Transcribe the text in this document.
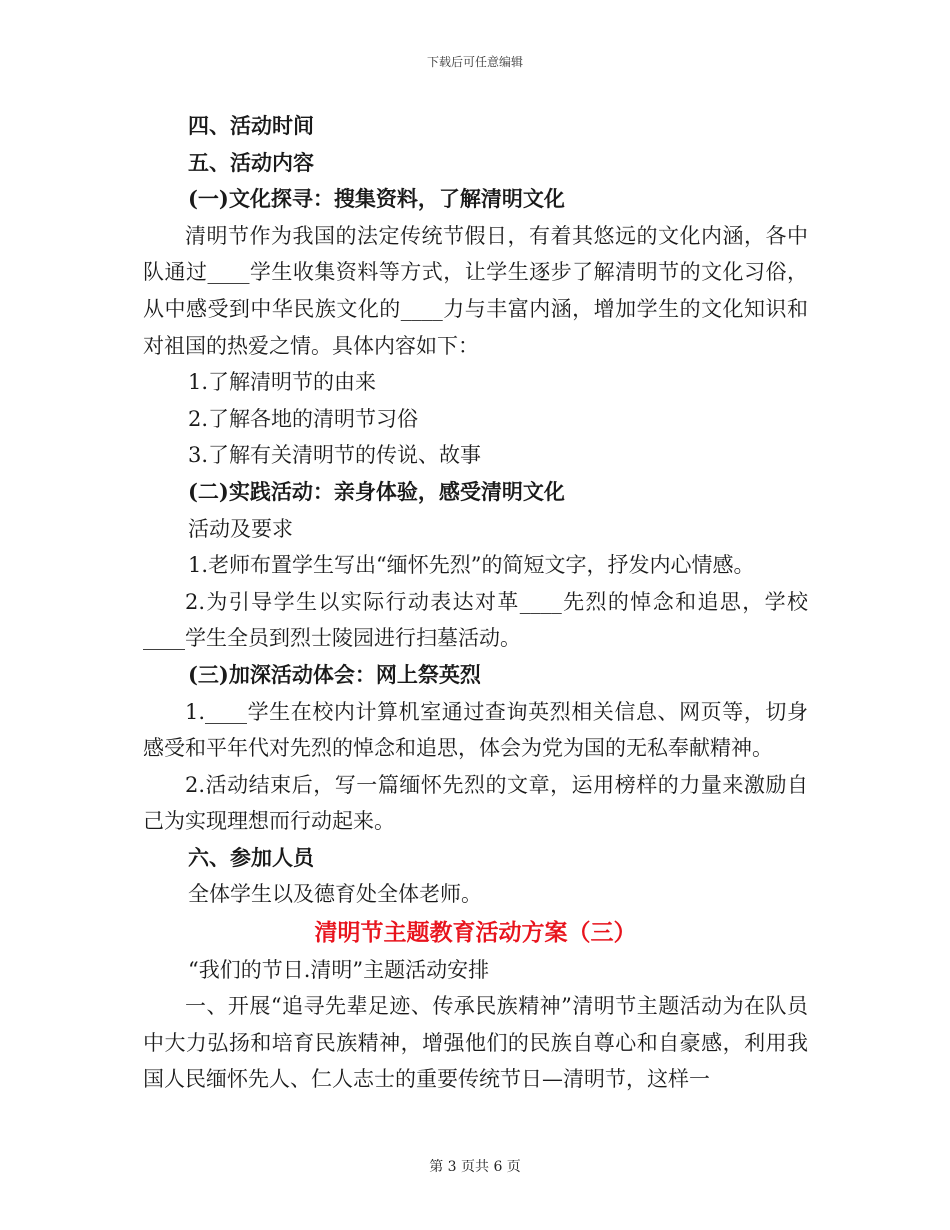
下载后可任意编辑
四、活动时间
五、活动内容
(一)文化探寻：搜集资料，了解清明文化
清明节作为我国的法定传统节假日，有着其悠远的文化内涵，各中队通过____学生收集资料等方式，让学生逐步了解清明节的文化习俗，从中感受到中华民族文化的____力与丰富内涵，增加学生的文化知识和对祖国的热爱之情。具体内容如下：
1.了解清明节的由来
2.了解各地的清明节习俗
3.了解有关清明节的传说、故事
(二)实践活动：亲身体验，感受清明文化
活动及要求
1.老师布置学生写出“缅怀先烈”的简短文字，抒发内心情感。
2.为引导学生以实际行动表达对革____先烈的悼念和追思，学校____学生全员到烈士陵园进行扫墓活动。
(三)加深活动体会：网上祭英烈
1.____学生在校内计算机室通过查询英烈相关信息、网页等，切身感受和平年代对先烈的悼念和追思，体会为党为国的无私奉献精神。
2.活动结束后，写一篇缅怀先烈的文章，运用榜样的力量来激励自己为实现理想而行动起来。
六、参加人员
全体学生以及德育处全体老师。
清明节主题教育活动方案（三）
“我们的节日.清明”主题活动安排
一、开展“追寻先辈足迹、传承民族精神”清明节主题活动为在队员中大力弘扬和培育民族精神，增强他们的民族自尊心和自豪感，利用我国人民缅怀先人、仁人志士的重要传统节日—清明节，这样一
第 3 页共 6 页
